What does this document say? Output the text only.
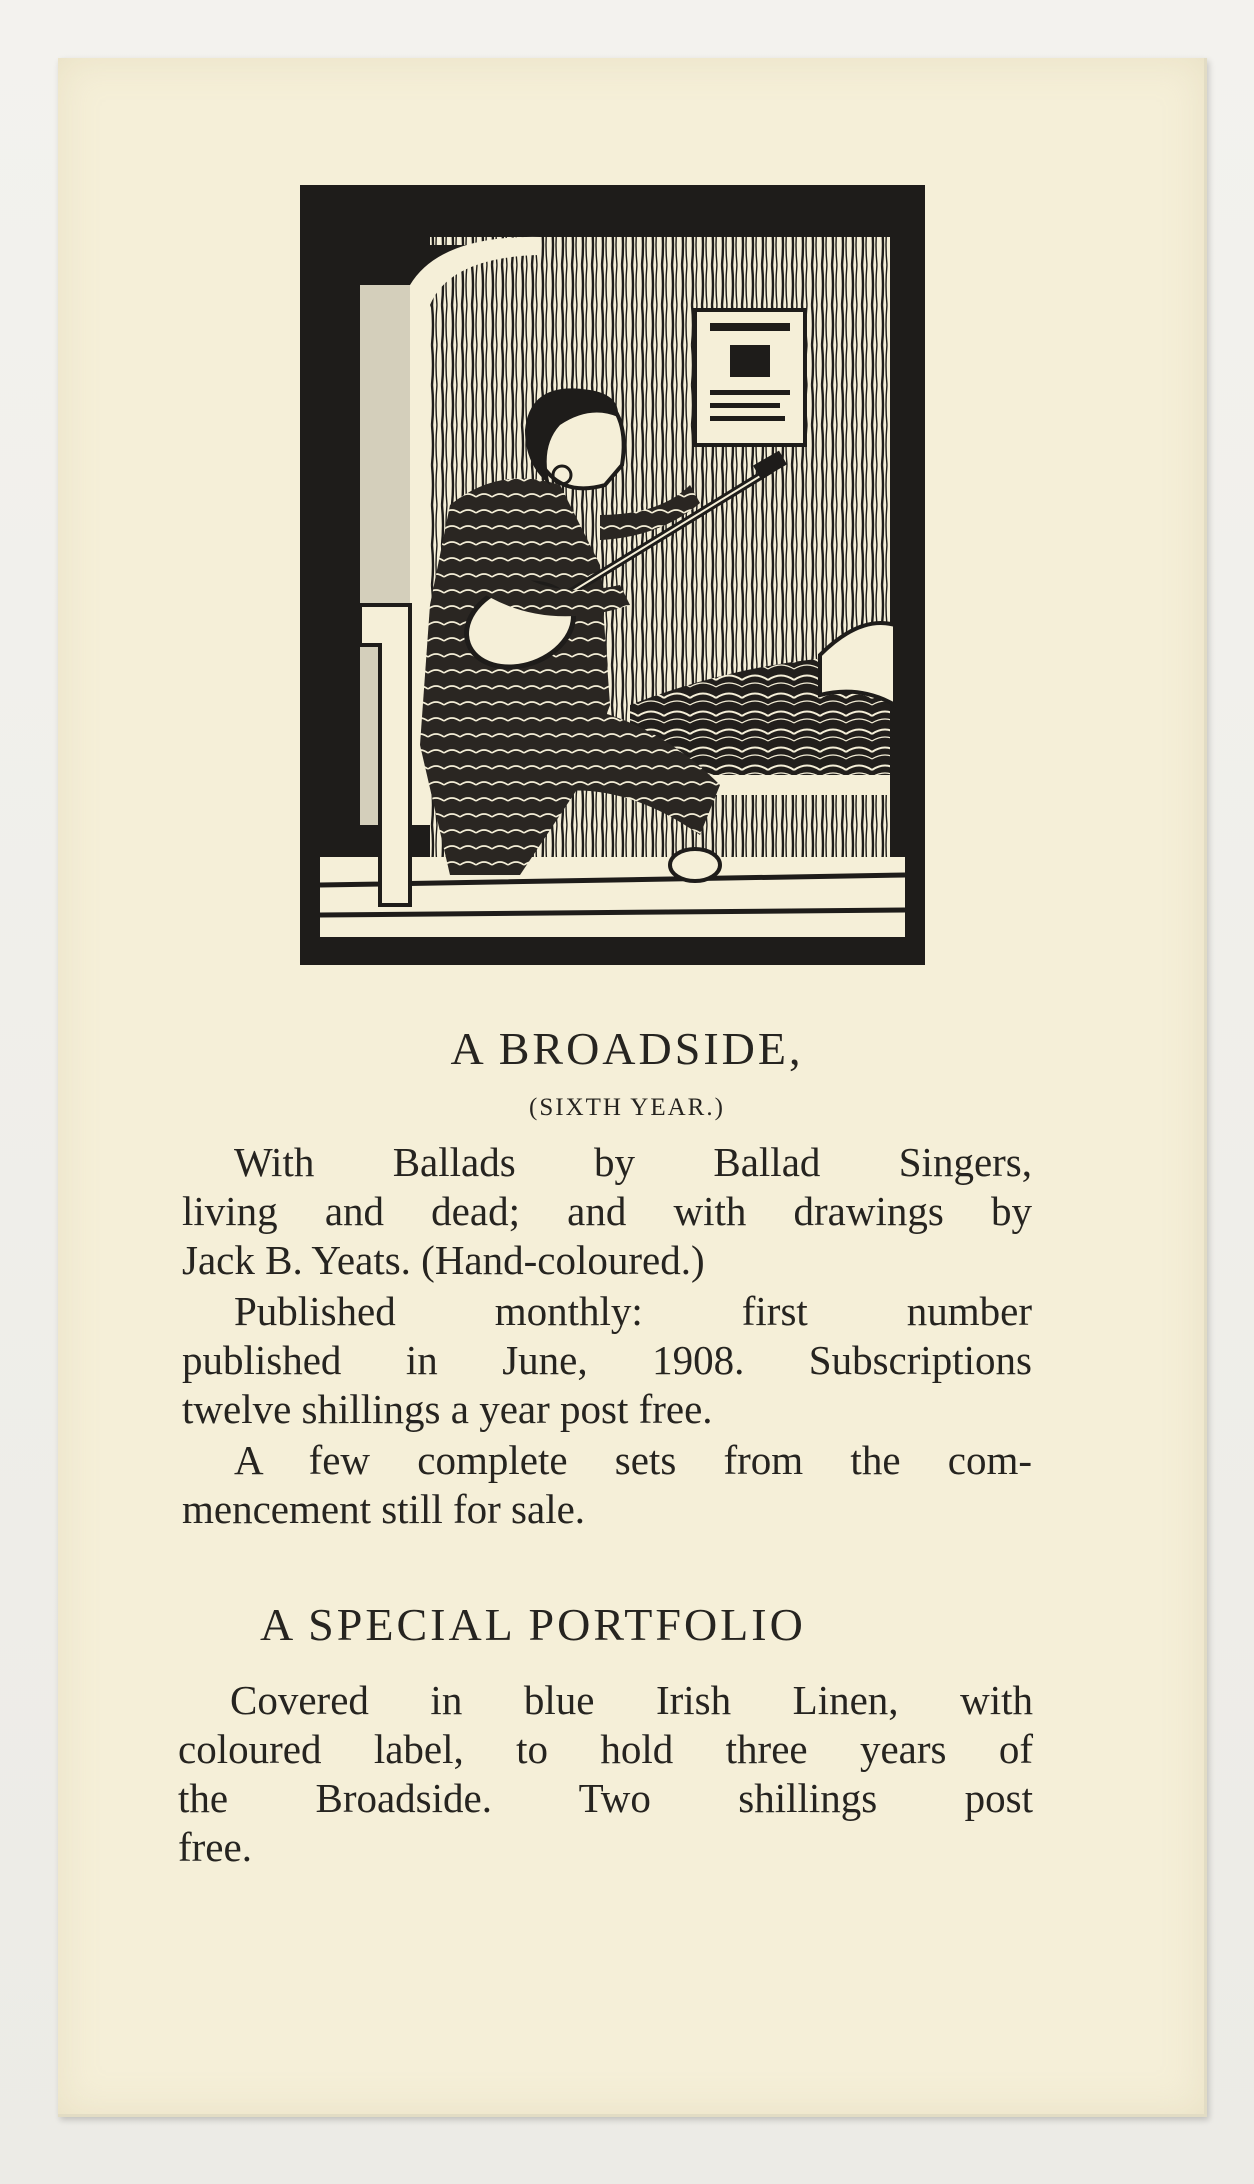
A BROADSIDE,
(SIXTH YEAR.)
With Ballads by Ballad Singers,
living and dead; and with drawings by
Jack B. Yeats. (Hand-coloured.)
Published monthly: first number
published in June, 1908. Subscriptions
twelve shillings a year post free.
A few complete sets from the com-
mencement still for sale.
A SPECIAL PORTFOLIO
Covered in blue Irish Linen, with
coloured label, to hold three years of
the Broadside. Two shillings post
free.
